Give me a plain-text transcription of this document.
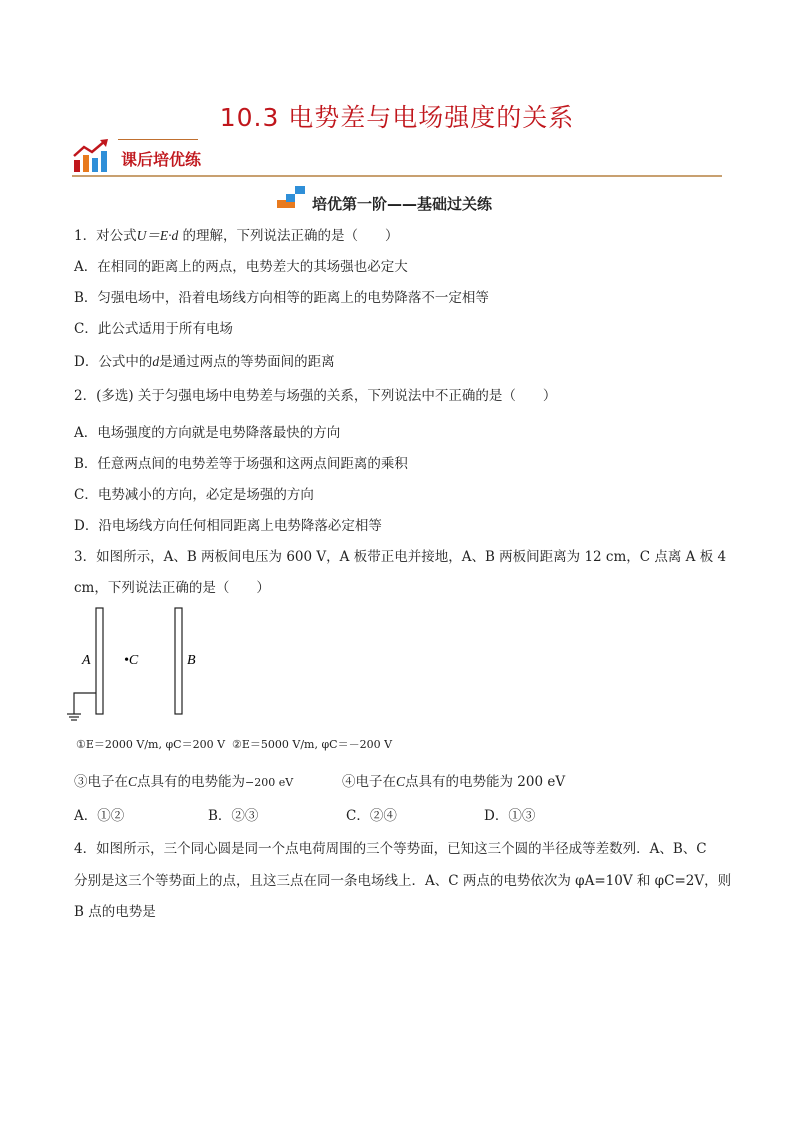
10.3 电势差与电场强度的关系
课后培优练
培优第一阶——基础过关练
1．对公式U＝E·d 的理解，下列说法正确的是（　　）
A．在相同的距离上的两点，电势差大的其场强也必定大
B．匀强电场中，沿着电场线方向相等的距离上的电势降落不一定相等
C．此公式适用于所有电场
D．公式中的d是通过两点的等势面间的距离
2．(多选) 关于匀强电场中电势差与场强的关系，下列说法中不正确的是（　　）
A．电场强度的方向就是电势降落最快的方向
B．任意两点间的电势差等于场强和这两点间距离的乘积
C．电势减小的方向，必定是场强的方向
D．沿电场线方向任何相同距离上电势降落必定相等
3．如图所示，A、B 两板间电压为 600 V，A 板带正电并接地，A、B 两板间距离为 12 cm，C 点离 A 板 4
cm，下列说法正确的是（　　）
A •C	B
①E＝2000 V/m, φC＝200 V ②E＝5000 V/m, φC＝－200 V
③电子在C点具有的电势能为−200 eV	④电子在C点具有的电势能为 200 eV
A．①②	B．②③	C．②④	D．①③
4．如图所示，三个同心圆是同一个点电荷周围的三个等势面，已知这三个圆的半径成等差数列．A、B、C
分别是这三个等势面上的点，且这三点在同一条电场线上．A、C 两点的电势依次为 φA=10V 和 φC=2V，则
B 点的电势是
